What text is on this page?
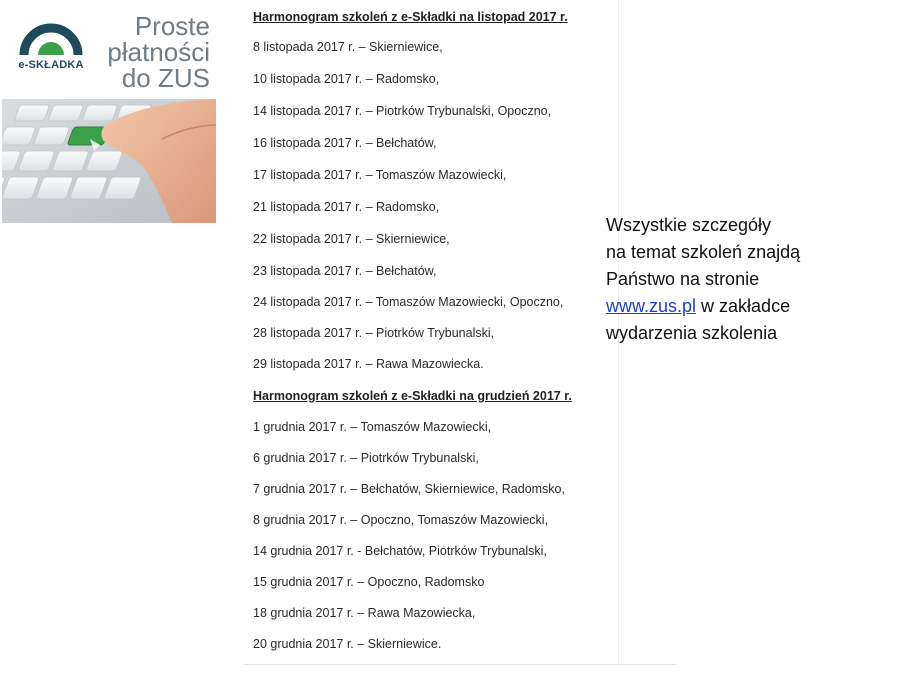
e-SKŁADKA
Proste
płatności
do ZUS
Harmonogram szkoleń z e-Składki na listopad 2017 r.
8 listopada 2017 r. – Skierniewice,
10 listopada 2017 r. – Radomsko,
14 listopada 2017 r. – Piotrków Trybunalski, Opoczno,
16 listopada 2017 r. – Bełchatów,
17 listopada 2017 r. – Tomaszów Mazowiecki,
21 listopada 2017 r. – Radomsko,
22 listopada 2017 r. – Skierniewice,
23 listopada 2017 r. – Bełchatów,
24 listopada 2017 r. – Tomaszów Mazowiecki, Opoczno,
28 listopada 2017 r. – Piotrków Trybunalski,
29 listopada 2017 r. – Rawa Mazowiecka.
Harmonogram szkoleń z e-Składki na grudzień 2017 r.
1 grudnia 2017 r. – Tomaszów Mazowiecki,
6 grudnia 2017 r. – Piotrków Trybunalski,
7 grudnia 2017 r. – Bełchatów, Skierniewice, Radomsko,
8 grudnia 2017 r. – Opoczno, Tomaszów Mazowiecki,
14 grudnia 2017 r. - Bełchatów, Piotrków Trybunalski,
15 grudnia 2017 r. – Opoczno, Radomsko
18 grudnia 2017 r. – Rawa Mazowiecka,
20 grudnia 2017 r. – Skierniewice.
Wszystkie szczegóły
na temat szkoleń znajdą
Państwo na stronie
www.zus.pl w zakładce
wydarzenia szkolenia
